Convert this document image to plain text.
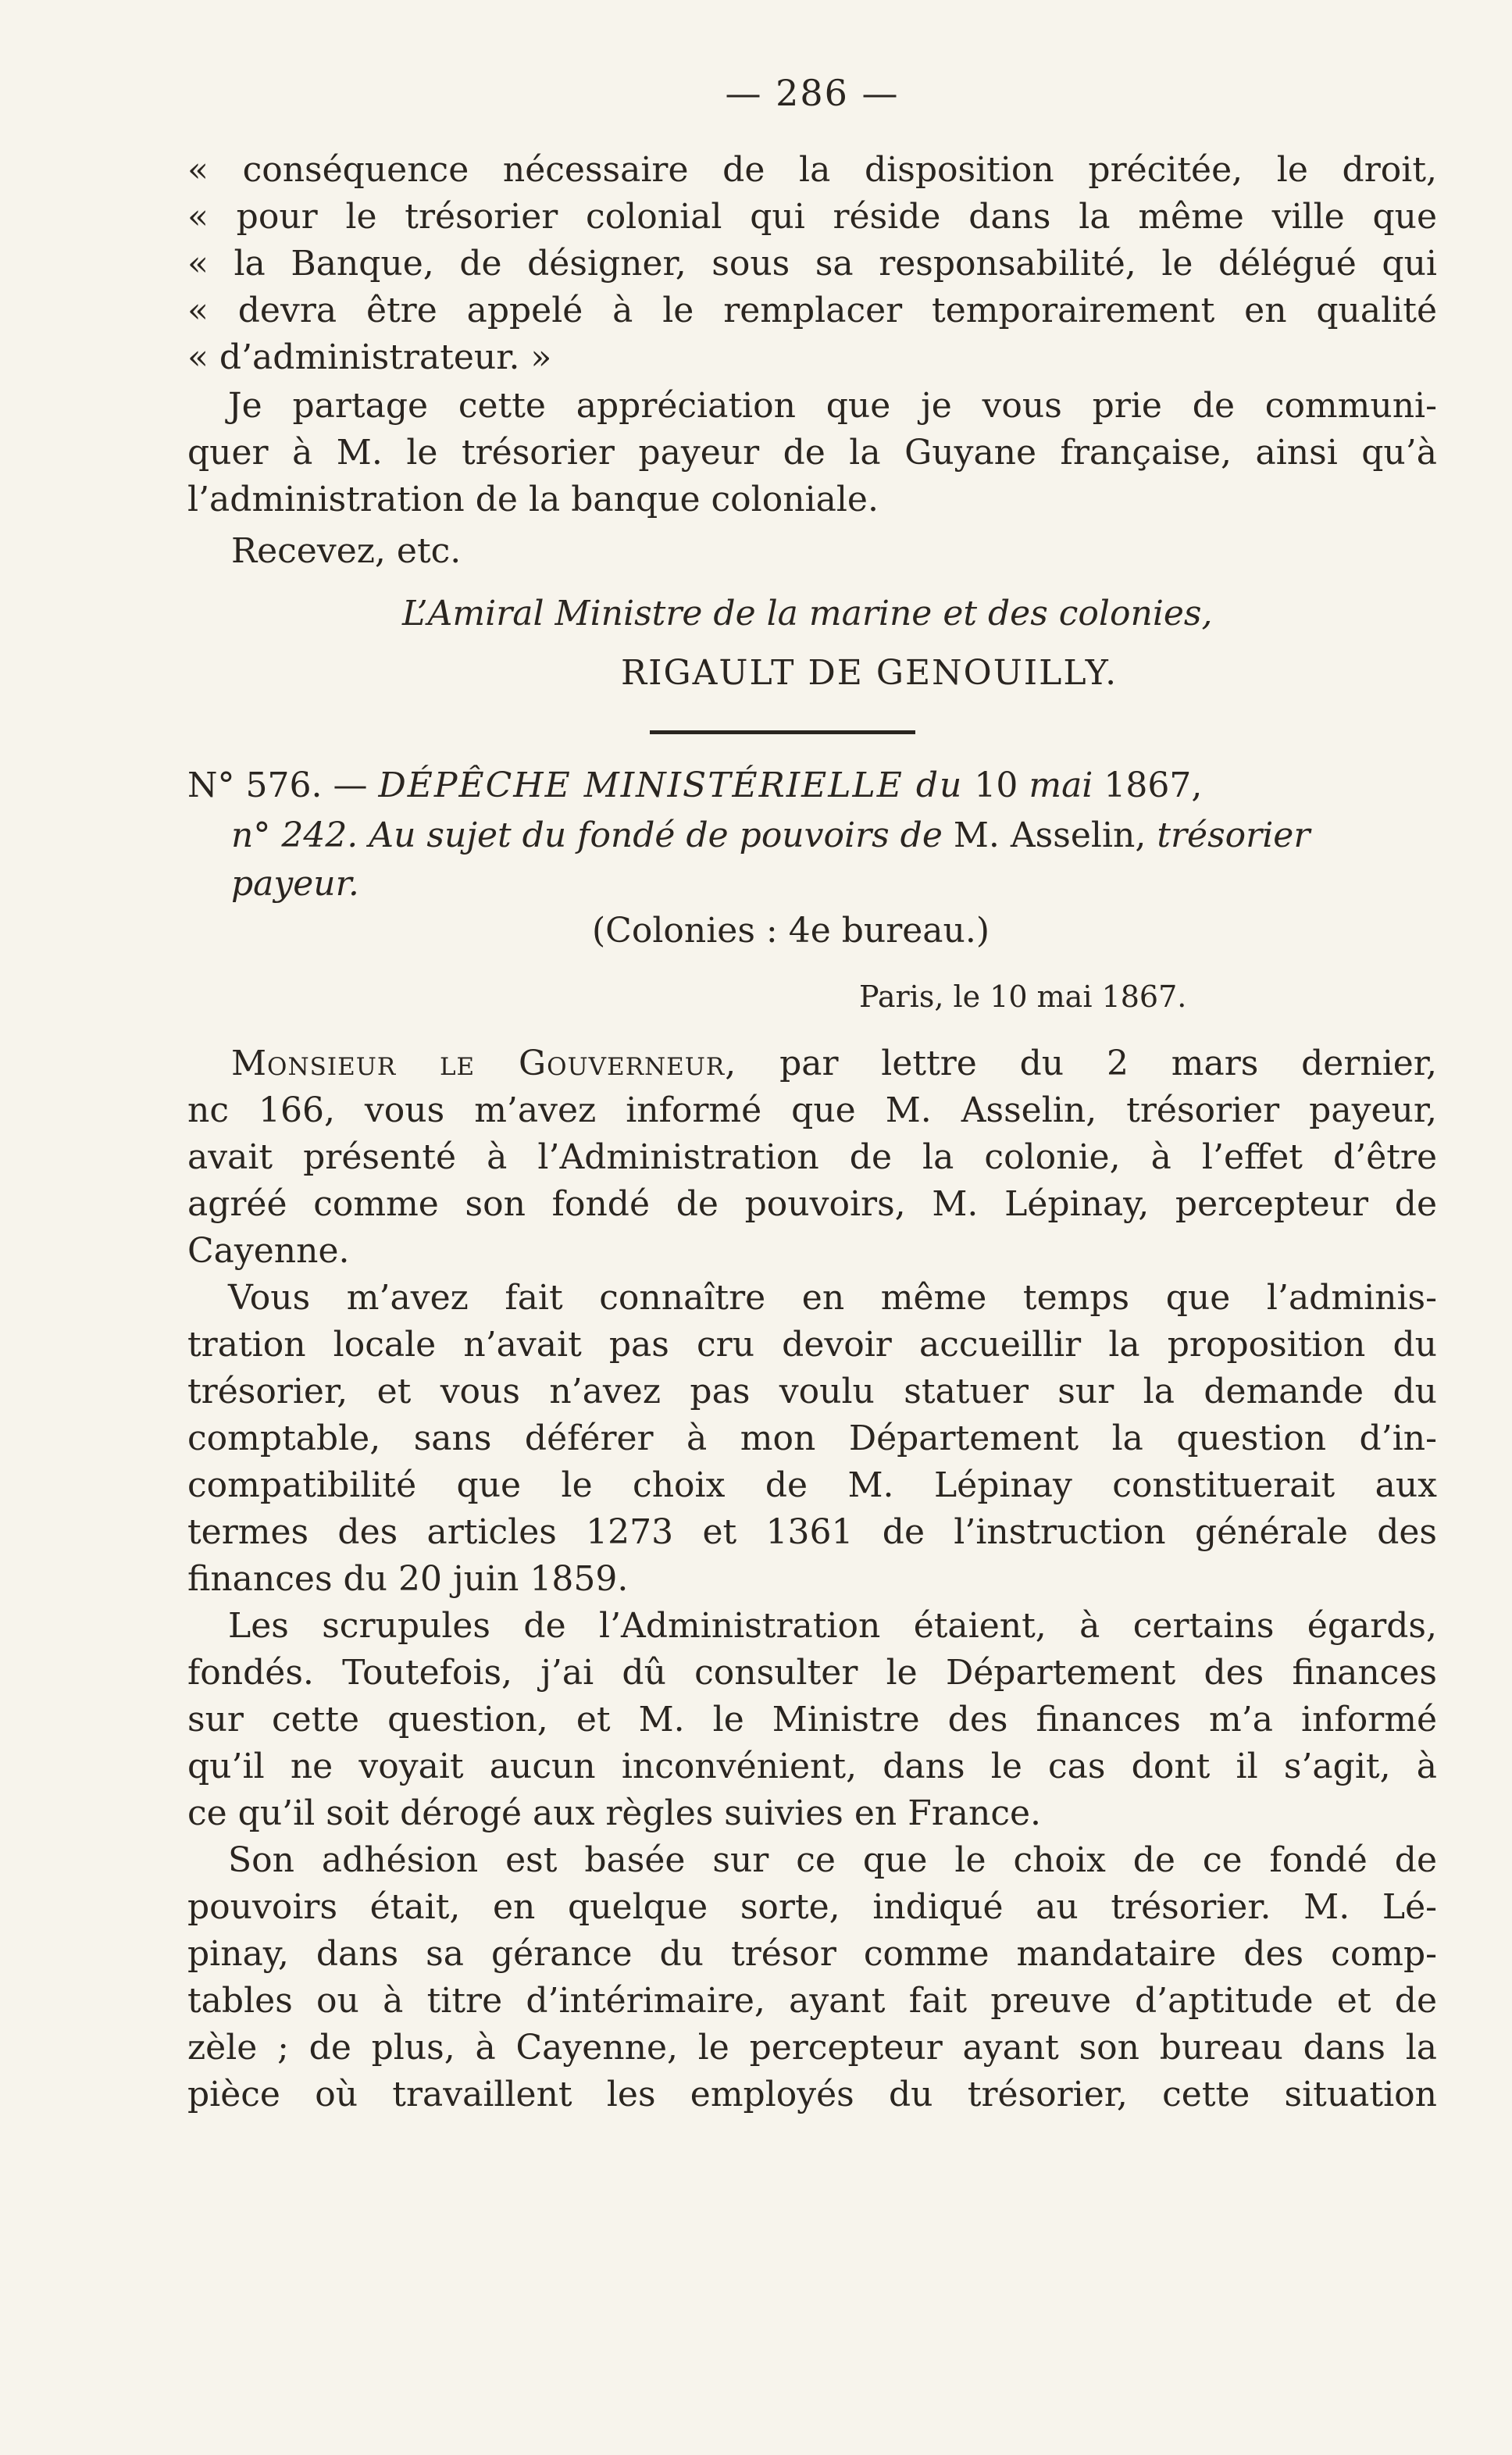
— 286 —
« conséquence nécessaire de la disposition précitée, le droit,
« pour le trésorier colonial qui réside dans la même ville que
« la Banque, de désigner, sous sa responsabilité, le délégué qui
« devra être appelé à le remplacer temporairement en qualité
« d’administrateur. »
Je partage cette appréciation que je vous prie de communi-
quer à M. le trésorier payeur de la Guyane française, ainsi qu’à
l’administration de la banque coloniale.
Recevez, etc.
L’Amiral Ministre de la marine et des colonies,
RIGAULT DE GENOUILLY.
N° 576. — DÉPÊCHE MINISTÉRIELLE du 10 mai 1867,
n° 242. Au sujet du fondé de pouvoirs de M. Asselin, trésorier
payeur.
(Colonies : 4e bureau.)
Paris, le 10 mai 1867.
Monsieur le Gouverneur, par lettre du 2 mars dernier,
nc 166, vous m’avez informé que M. Asselin, trésorier payeur,
avait présenté à l’Administration de la colonie, à l’effet d’être
agréé comme son fondé de pouvoirs, M. Lépinay, percepteur de
Cayenne.
Vous m’avez fait connaître en même temps que l’adminis-
tration locale n’avait pas cru devoir accueillir la proposition du
trésorier, et vous n’avez pas voulu statuer sur la demande du
comptable, sans déférer à mon Département la question d’in-
compatibilité que le choix de M. Lépinay constituerait aux
termes des articles 1273 et 1361 de l’instruction générale des
finances du 20 juin 1859.
Les scrupules de l’Administration étaient, à certains égards,
fondés. Toutefois, j’ai dû consulter le Département des finances
sur cette question, et M. le Ministre des finances m’a informé
qu’il ne voyait aucun inconvénient, dans le cas dont il s’agit, à
ce qu’il soit dérogé aux règles suivies en France.
Son adhésion est basée sur ce que le choix de ce fondé de
pouvoirs était, en quelque sorte, indiqué au trésorier. M. Lé-
pinay, dans sa gérance du trésor comme mandataire des comp-
tables ou à titre d’intérimaire, ayant fait preuve d’aptitude et de
zèle ; de plus, à Cayenne, le percepteur ayant son bureau dans la
pièce où travaillent les employés du trésorier, cette situation
